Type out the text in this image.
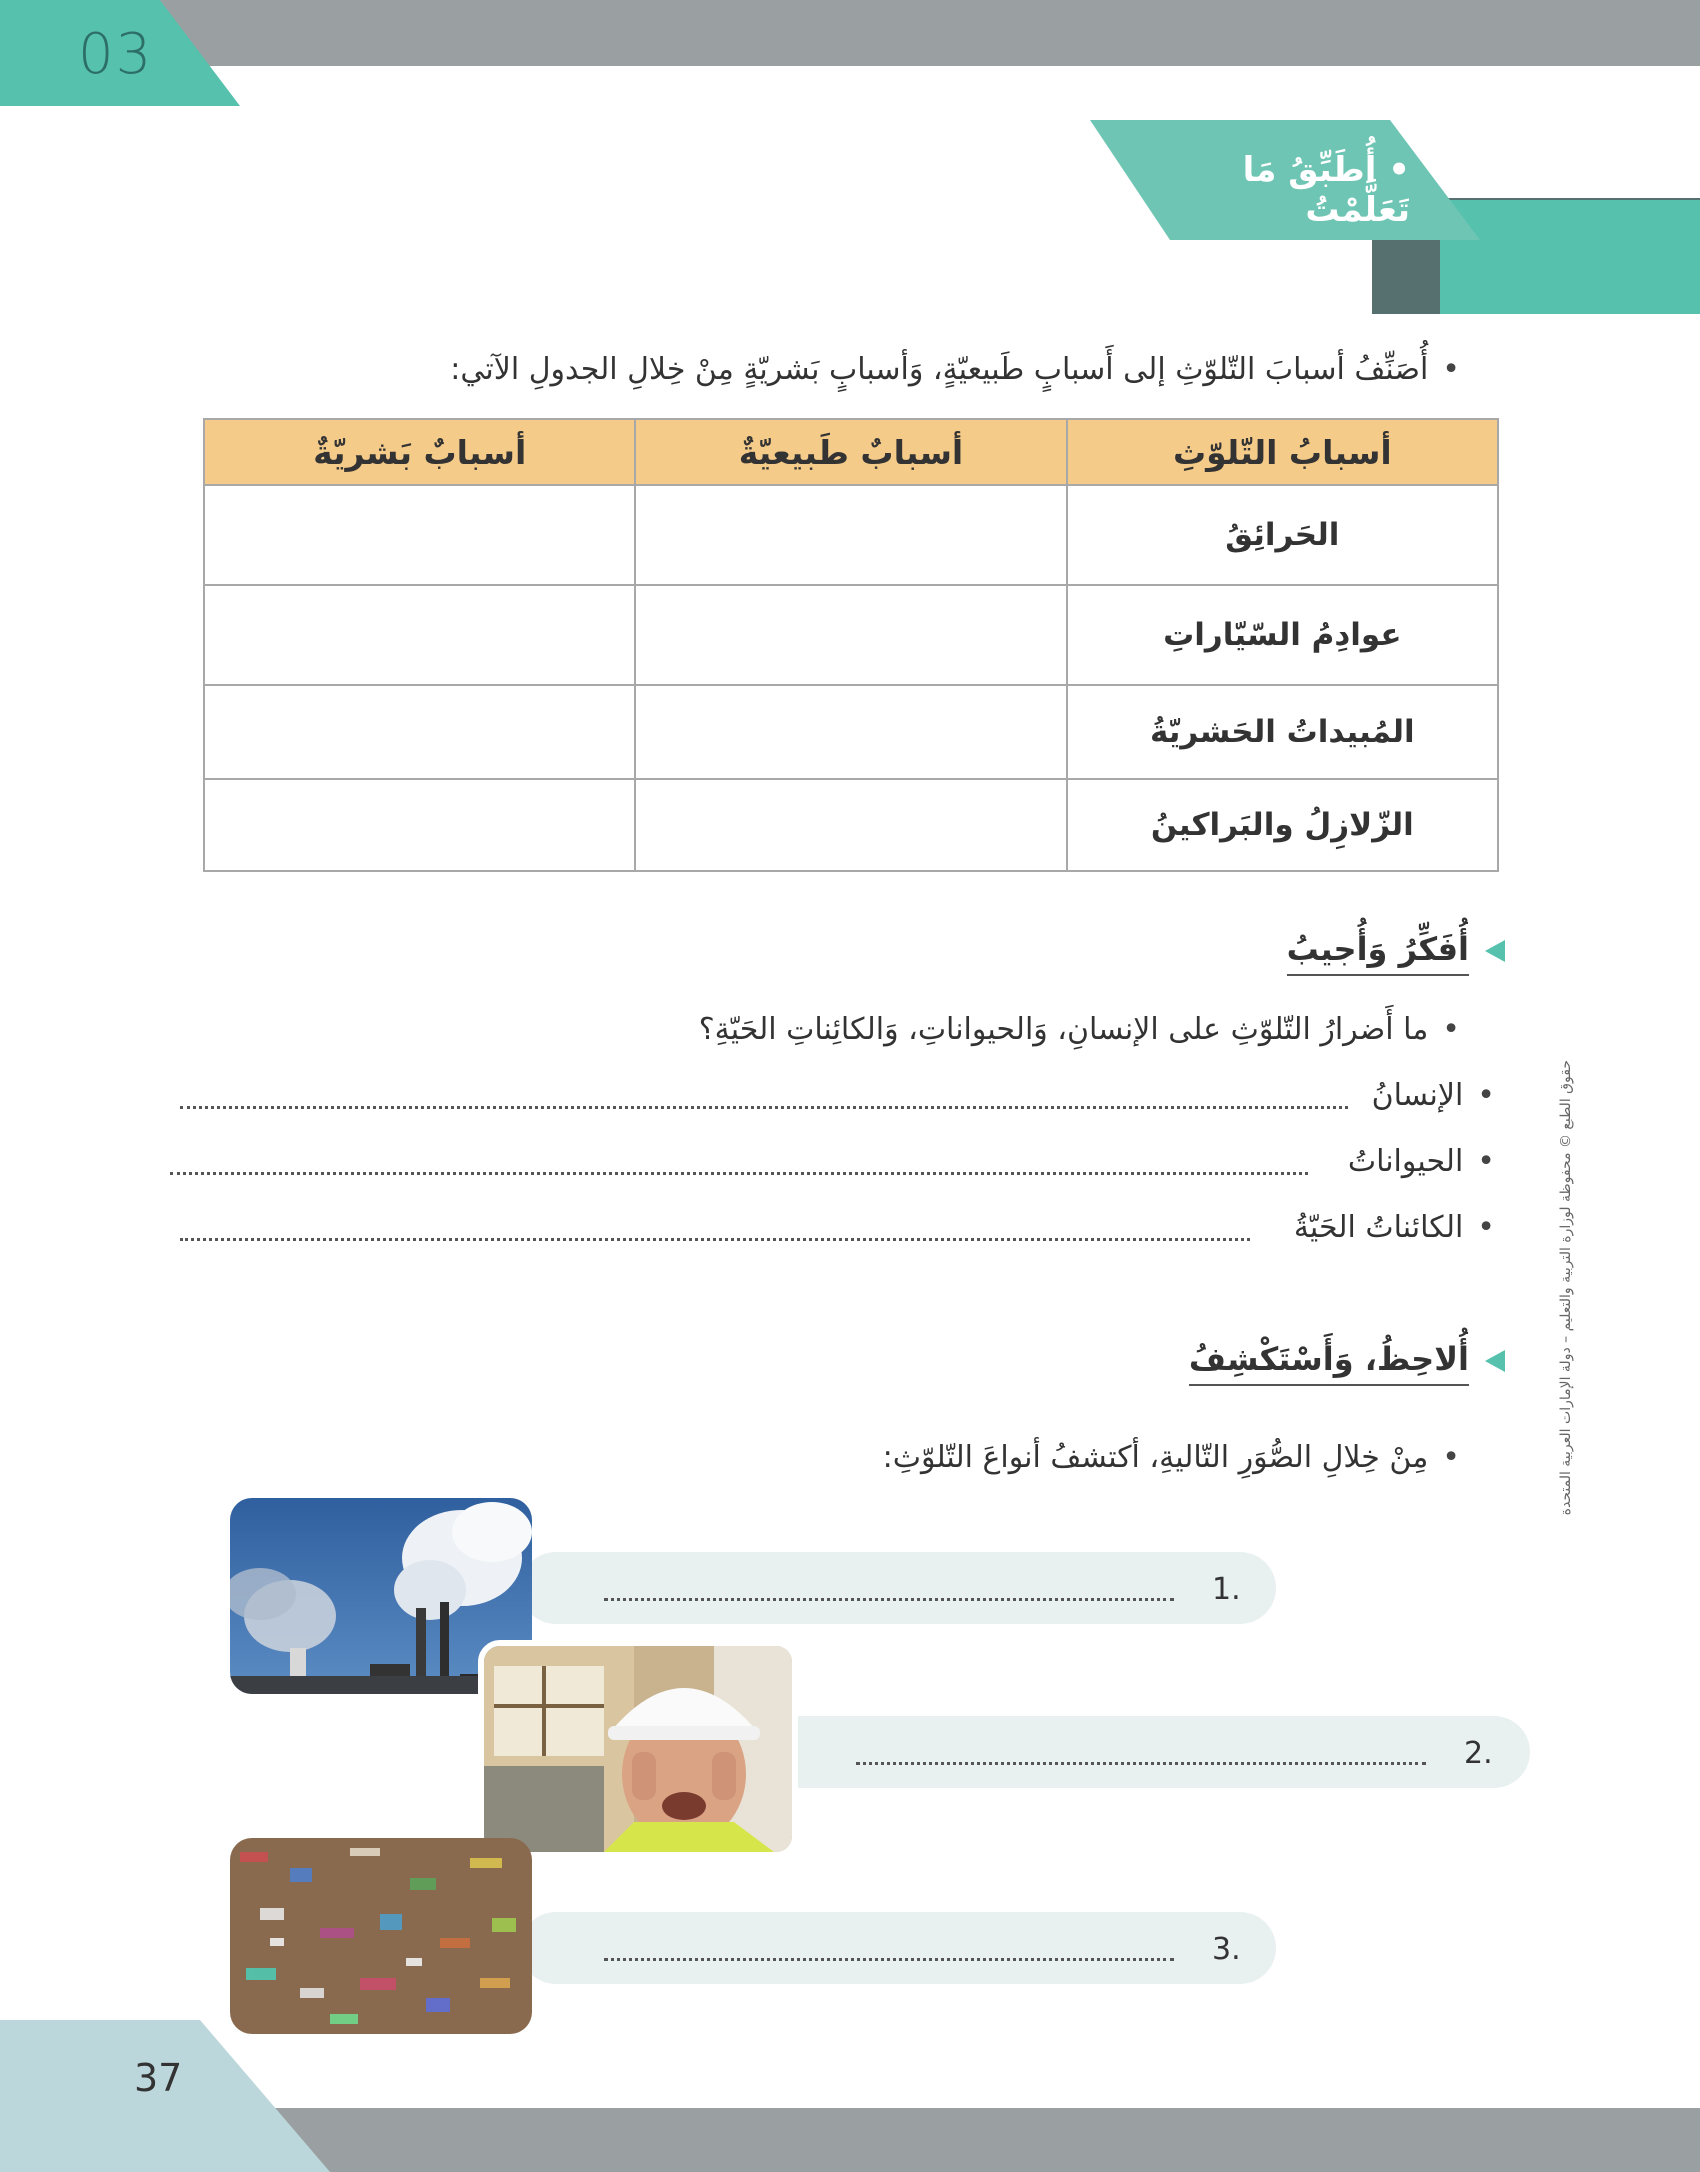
03
• أُطَبِّقُ مَا تَعَلَّمْتُ
•أُصَنِّفُ أسبابَ التّلوّثِ إلى أَسبابٍ طَبيعيّةٍ، وَأسبابٍ بَشريّةٍ مِنْ خِلالِ الجدولِ الآتي:
أسبابُ التّلوّثِ	أسبابٌ طَبيعيّةٌ	أسبابٌ بَشريّةٌ
الحَرائِقُ		
عوادِمُ السّيّاراتِ		
المُبيداتُ الحَشريّةُ		
الزّلازِلُ والبَراكينُ		
أُفَكِّرُ وَأُجيبُ
•ما أَضرارُ التّلوّثِ على الإنسانِ، وَالحيواناتِ، وَالكائِناتِ الحَيّةِ؟
•الإنسانُ
•الحيواناتُ
•الكائناتُ الحَيّةُ
أُلاحِظُ، وَأَسْتَكْشِفُ
•مِنْ خِلالِ الصُّوَرِ التّاليةِ، أكتشفُ أنواعَ التّلوّثِ:
1.
2.
3.
حقوق الطبع © محفوظة لوزارة التربية والتعليم – دولة الإمارات العربية المتحدة
37
